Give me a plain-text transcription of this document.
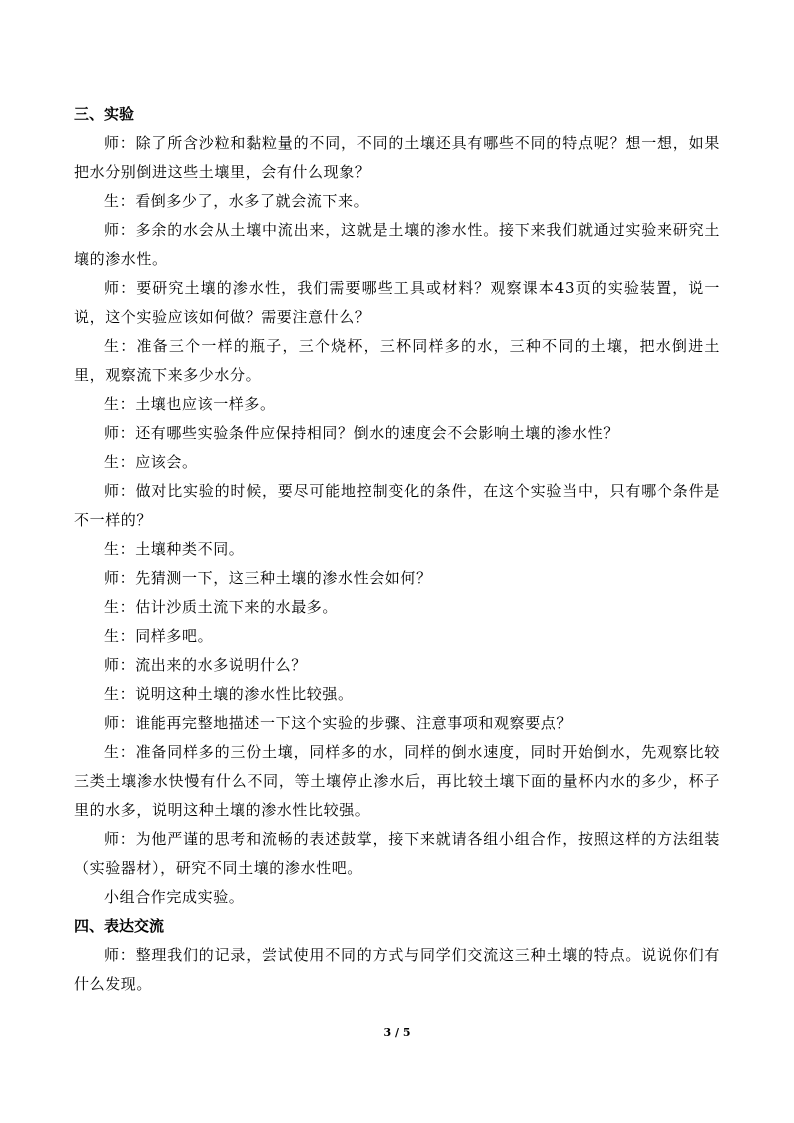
三、实验

师：除了所含沙粒和黏粒量的不同，不同的土壤还具有哪些不同的特点呢？想一想，如果把水分别倒进这些土壤里，会有什么现象？

生：看倒多少了，水多了就会流下来。

师：多余的水会从土壤中流出来，这就是土壤的渗水性。接下来我们就通过实验来研究土壤的渗水性。

师：要研究土壤的渗水性，我们需要哪些工具或材料？观察课本43页的实验装置，说一说，这个实验应该如何做？需要注意什么？

生：准备三个一样的瓶子，三个烧杯，三杯同样多的水，三种不同的土壤，把水倒进土里，观察流下来多少水分。

生：土壤也应该一样多。

师：还有哪些实验条件应保持相同？倒水的速度会不会影响土壤的渗水性？

生：应该会。

师：做对比实验的时候，要尽可能地控制变化的条件，在这个实验当中，只有哪个条件是不一样的？

生：土壤种类不同。

师：先猜测一下，这三种土壤的渗水性会如何？

生：估计沙质土流下来的水最多。

生：同样多吧。

师：流出来的水多说明什么？

生：说明这种土壤的渗水性比较强。

师：谁能再完整地描述一下这个实验的步骤、注意事项和观察要点？

生：准备同样多的三份土壤，同样多的水，同样的倒水速度，同时开始倒水，先观察比较三类土壤渗水快慢有什么不同，等土壤停止渗水后，再比较土壤下面的量杯内水的多少，杯子里的水多，说明这种土壤的渗水性比较强。

师：为他严谨的思考和流畅的表述鼓掌，接下来就请各组小组合作，按照这样的方法组装（实验器材），研究不同土壤的渗水性吧。

小组合作完成实验。

四、表达交流

师：整理我们的记录，尝试使用不同的方式与同学们交流这三种土壤的特点。说说你们有什么发现。

3 / 5
